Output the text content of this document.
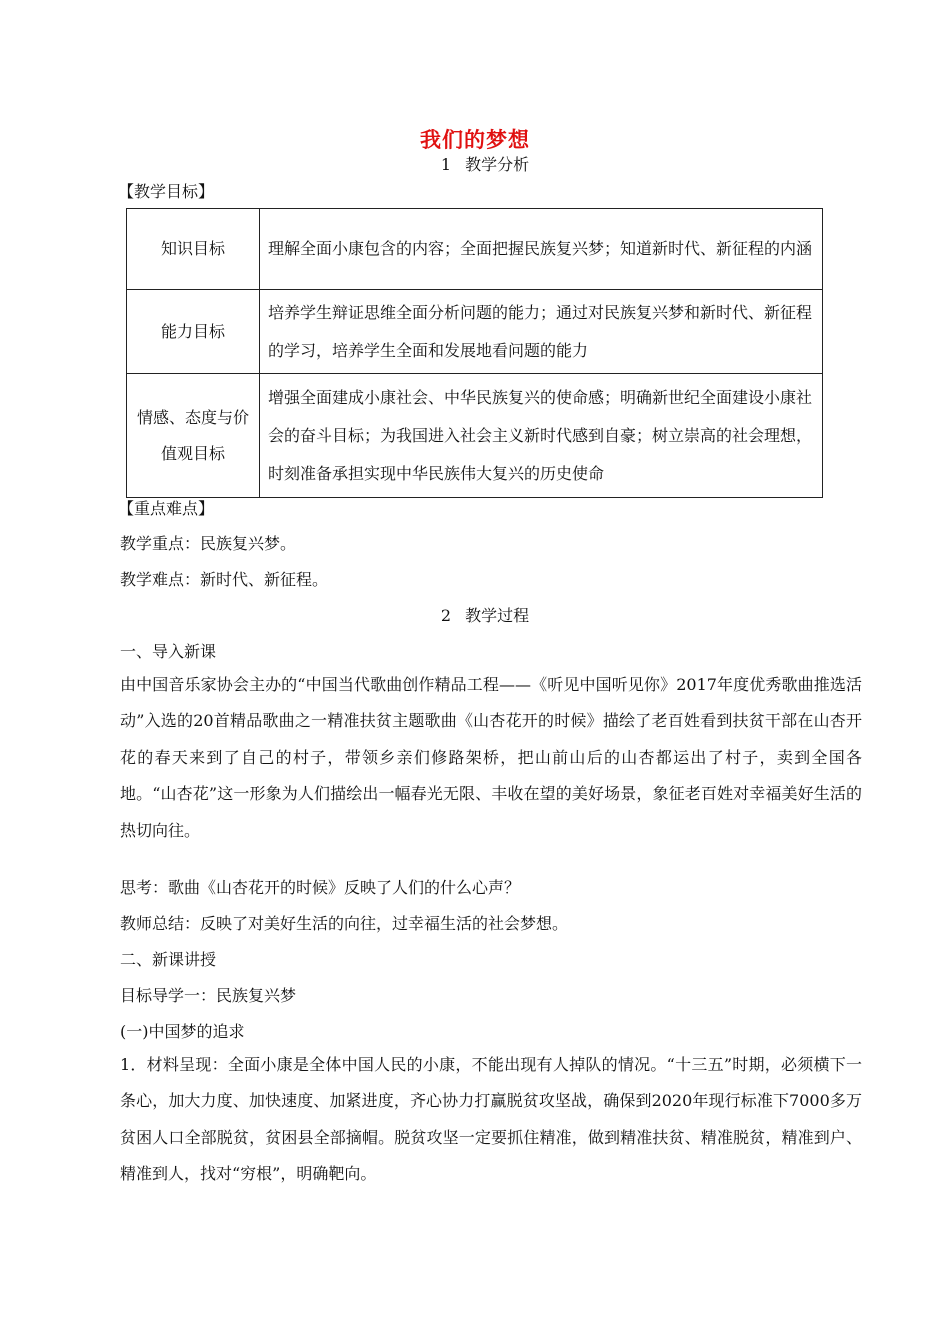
我们的梦想
1 教学分析
【教学目标】
知识目标	理解全面小康包含的内容；全面把握民族复兴梦；知道新时代、新征程的内涵
能力目标	培养学生辩证思维全面分析问题的能力；通过对民族复兴梦和新时代、新征程的学习，培养学生全面和发展地看问题的能力
情感、态度与价值观目标	增强全面建成小康社会、中华民族复兴的使命感；明确新世纪全面建设小康社会的奋斗目标；为我国进入社会主义新时代感到自豪；树立崇高的社会理想，时刻准备承担实现中华民族伟大复兴的历史使命
【重点难点】
教学重点：民族复兴梦。
教学难点：新时代、新征程。
2 教学过程
一、导入新课

由中国音乐家协会主办的“中国当代歌曲创作精品工程——《听见中国听见你》2017年度优秀歌曲推选活动”入选的20首精品歌曲之一精准扶贫主题歌曲《山杏花开的时候》描绘了老百姓看到扶贫干部在山杏开花的春天来到了自己的村子，带领乡亲们修路架桥，把山前山后的山杏都运出了村子，卖到全国各地。“山杏花”这一形象为人们描绘出一幅春光无限、丰收在望的美好场景，象征老百姓对幸福美好生活的热切向往。

思考：歌曲《山杏花开的时候》反映了人们的什么心声？
教师总结：反映了对美好生活的向往，过幸福生活的社会梦想。
二、新课讲授
目标导学一：民族复兴梦
(一)中国梦的追求

1．材料呈现：全面小康是全体中国人民的小康，不能出现有人掉队的情况。“十三五”时期，必须横下一条心，加大力度、加快速度、加紧进度，齐心协力打赢脱贫攻坚战，确保到2020年现行标准下7000多万贫困人口全部脱贫，贫困县全部摘帽。脱贫攻坚一定要抓住精准，做到精准扶贫、精准脱贫，精准到户、精准到人，找对“穷根”，明确靶向。
